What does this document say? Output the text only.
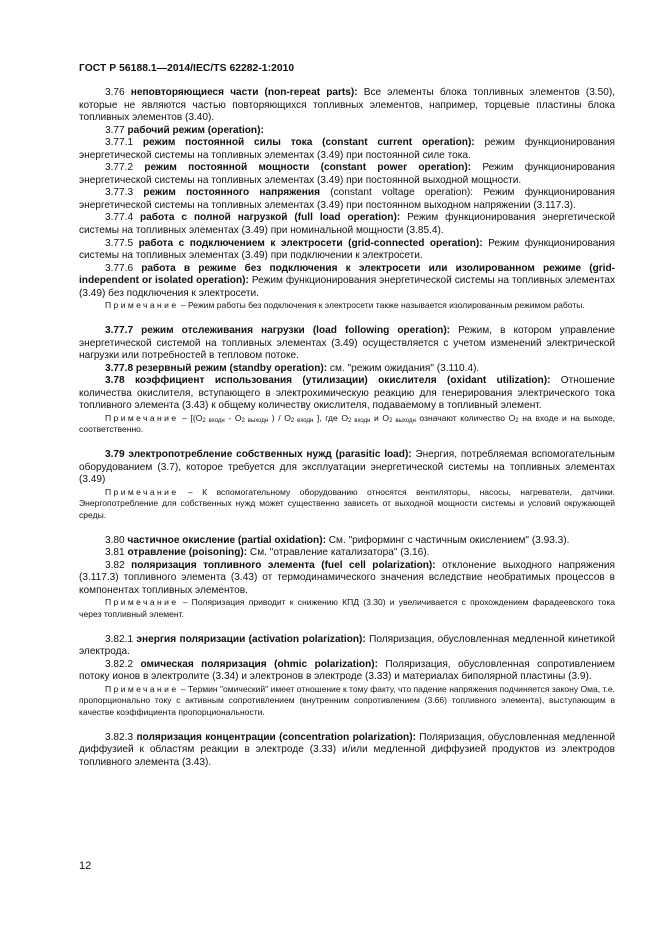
ГОСТ Р 56188.1—2014/IEC/TS 62282-1:2010

3.76 неповторяющиеся части (non-repeat parts): Все элементы блока топливных элементов (3.50), которые не являются частью повторяющихся топливных элементов, например, торцевые пластины блока топливных элементов (3.40).

3.77 рабочий режим (operation):

3.77.1 режим постоянной силы тока (constant current operation): режим функционирования энергетической системы на топливных элементах (3.49) при постоянной силе тока.

3.77.2 режим постоянной мощности (constant power operation): Режим функционирования энергетической системы на топливных элементах (3.49) при постоянной выходной мощности.

3.77.3 режим постоянного напряжения (constant voltage operation): Режим функционирования энергетической системы на топливных элементах (3.49) при постоянном выходном напряжении (3.117.3).

3.77.4 работа с полной нагрузкой (full load operation): Режим функционирования энергетической системы на топливных элементах (3.49) при номинальной мощности (3.85.4).

3.77.5 работа с подключением к электросети (grid-connected operation): Режим функционирования системы на топливных элементах (3.49) при подключении к электросети.

3.77.6 работа в режиме без подключения к электросети или изолированном режиме (grid-independent or isolated operation): Режим функционирования энергетической системы на топливных элементах (3.49) без подключения к электросети.

Примечание – Режим работы без подключения к электросети также называется изолированным режимом работы.

3.77.7 режим отслеживания нагрузки (load following operation): Режим, в котором управление энергетической системой на топливных элементах (3.49) осуществляется с учетом изменений электрической нагрузки или потребностей в тепловом потоке.

3.77.8 резервный режим (standby operation): см. "режим ожидания" (3.110.4).

3.78 коэффициент использования (утилизации) окислителя (oxidant utilization): Отношение количества окислителя, вступающего в электрохимическую реакцию для генерирования электрического тока топливного элемента (3.43) к общему количеству окислителя, подаваемому в топливный элемент.

Примечание – [($O_{2 входн} - O_{2 выходн}$ ) / $O_{2 входн}$ ], где $O_{2 входн}$ и $O_{2 выходн}$ означают количество $O_2$ на входе и на выходе, соответственно.

3.79 электропотребление собственных нужд (parasitic load): Энергия, потребляемая вспомогательным оборудованием (3.7), которое требуется для эксплуатации энергетической системы на топливных элементах (3.49)

Примечание – К вспомогательному оборудованию относятся вентиляторы, насосы, нагреватели, датчики. Энергопотребление для собственных нужд может существенно зависеть от выходной мощности системы и условий окружающей среды.

3.80 частичное окисление (partial oxidation): См. "риформинг с частичным окислением" (3.93.3).

3.81 отравление (poisoning): См. "отравление катализатора" (3.16).

3.82 поляризация топливного элемента (fuel cell polarization): отклонение выходного напряжения (3.117.3) топливного элемента (3.43) от термодинамического значения вследствие необратимых процессов в компонентах топливных элементов.

Примечание – Поляризация приводит к снижению КПД (3.30) и увеличивается с прохождением фарадеевского тока через топливный элемент.

3.82.1 энергия поляризации (activation polarization): Поляризация, обусловленная медленной кинетикой электрода.

3.82.2 омическая поляризация (ohmic polarization): Поляризация, обусловленная сопротивлением потоку ионов в электролите (3.34) и электронов в электроде (3.33) и материалах биполярной пластины (3.9).

Примечание – Термин "омический" имеет отношение к тому факту, что падение напряжения подчиняется закону Ома, т.е. пропорционально току с активным сопротивлением (внутренним сопротивлением (3.66) топливного элемента), выступающим в качестве коэффициента пропорциональности.

3.82.3 поляризация концентрации (concentration polarization): Поляризация, обусловленная медленной диффузией к областям реакции в электроде (3.33) и/или медленной диффузией продуктов из электродов топливного элемента (3.43).

12
